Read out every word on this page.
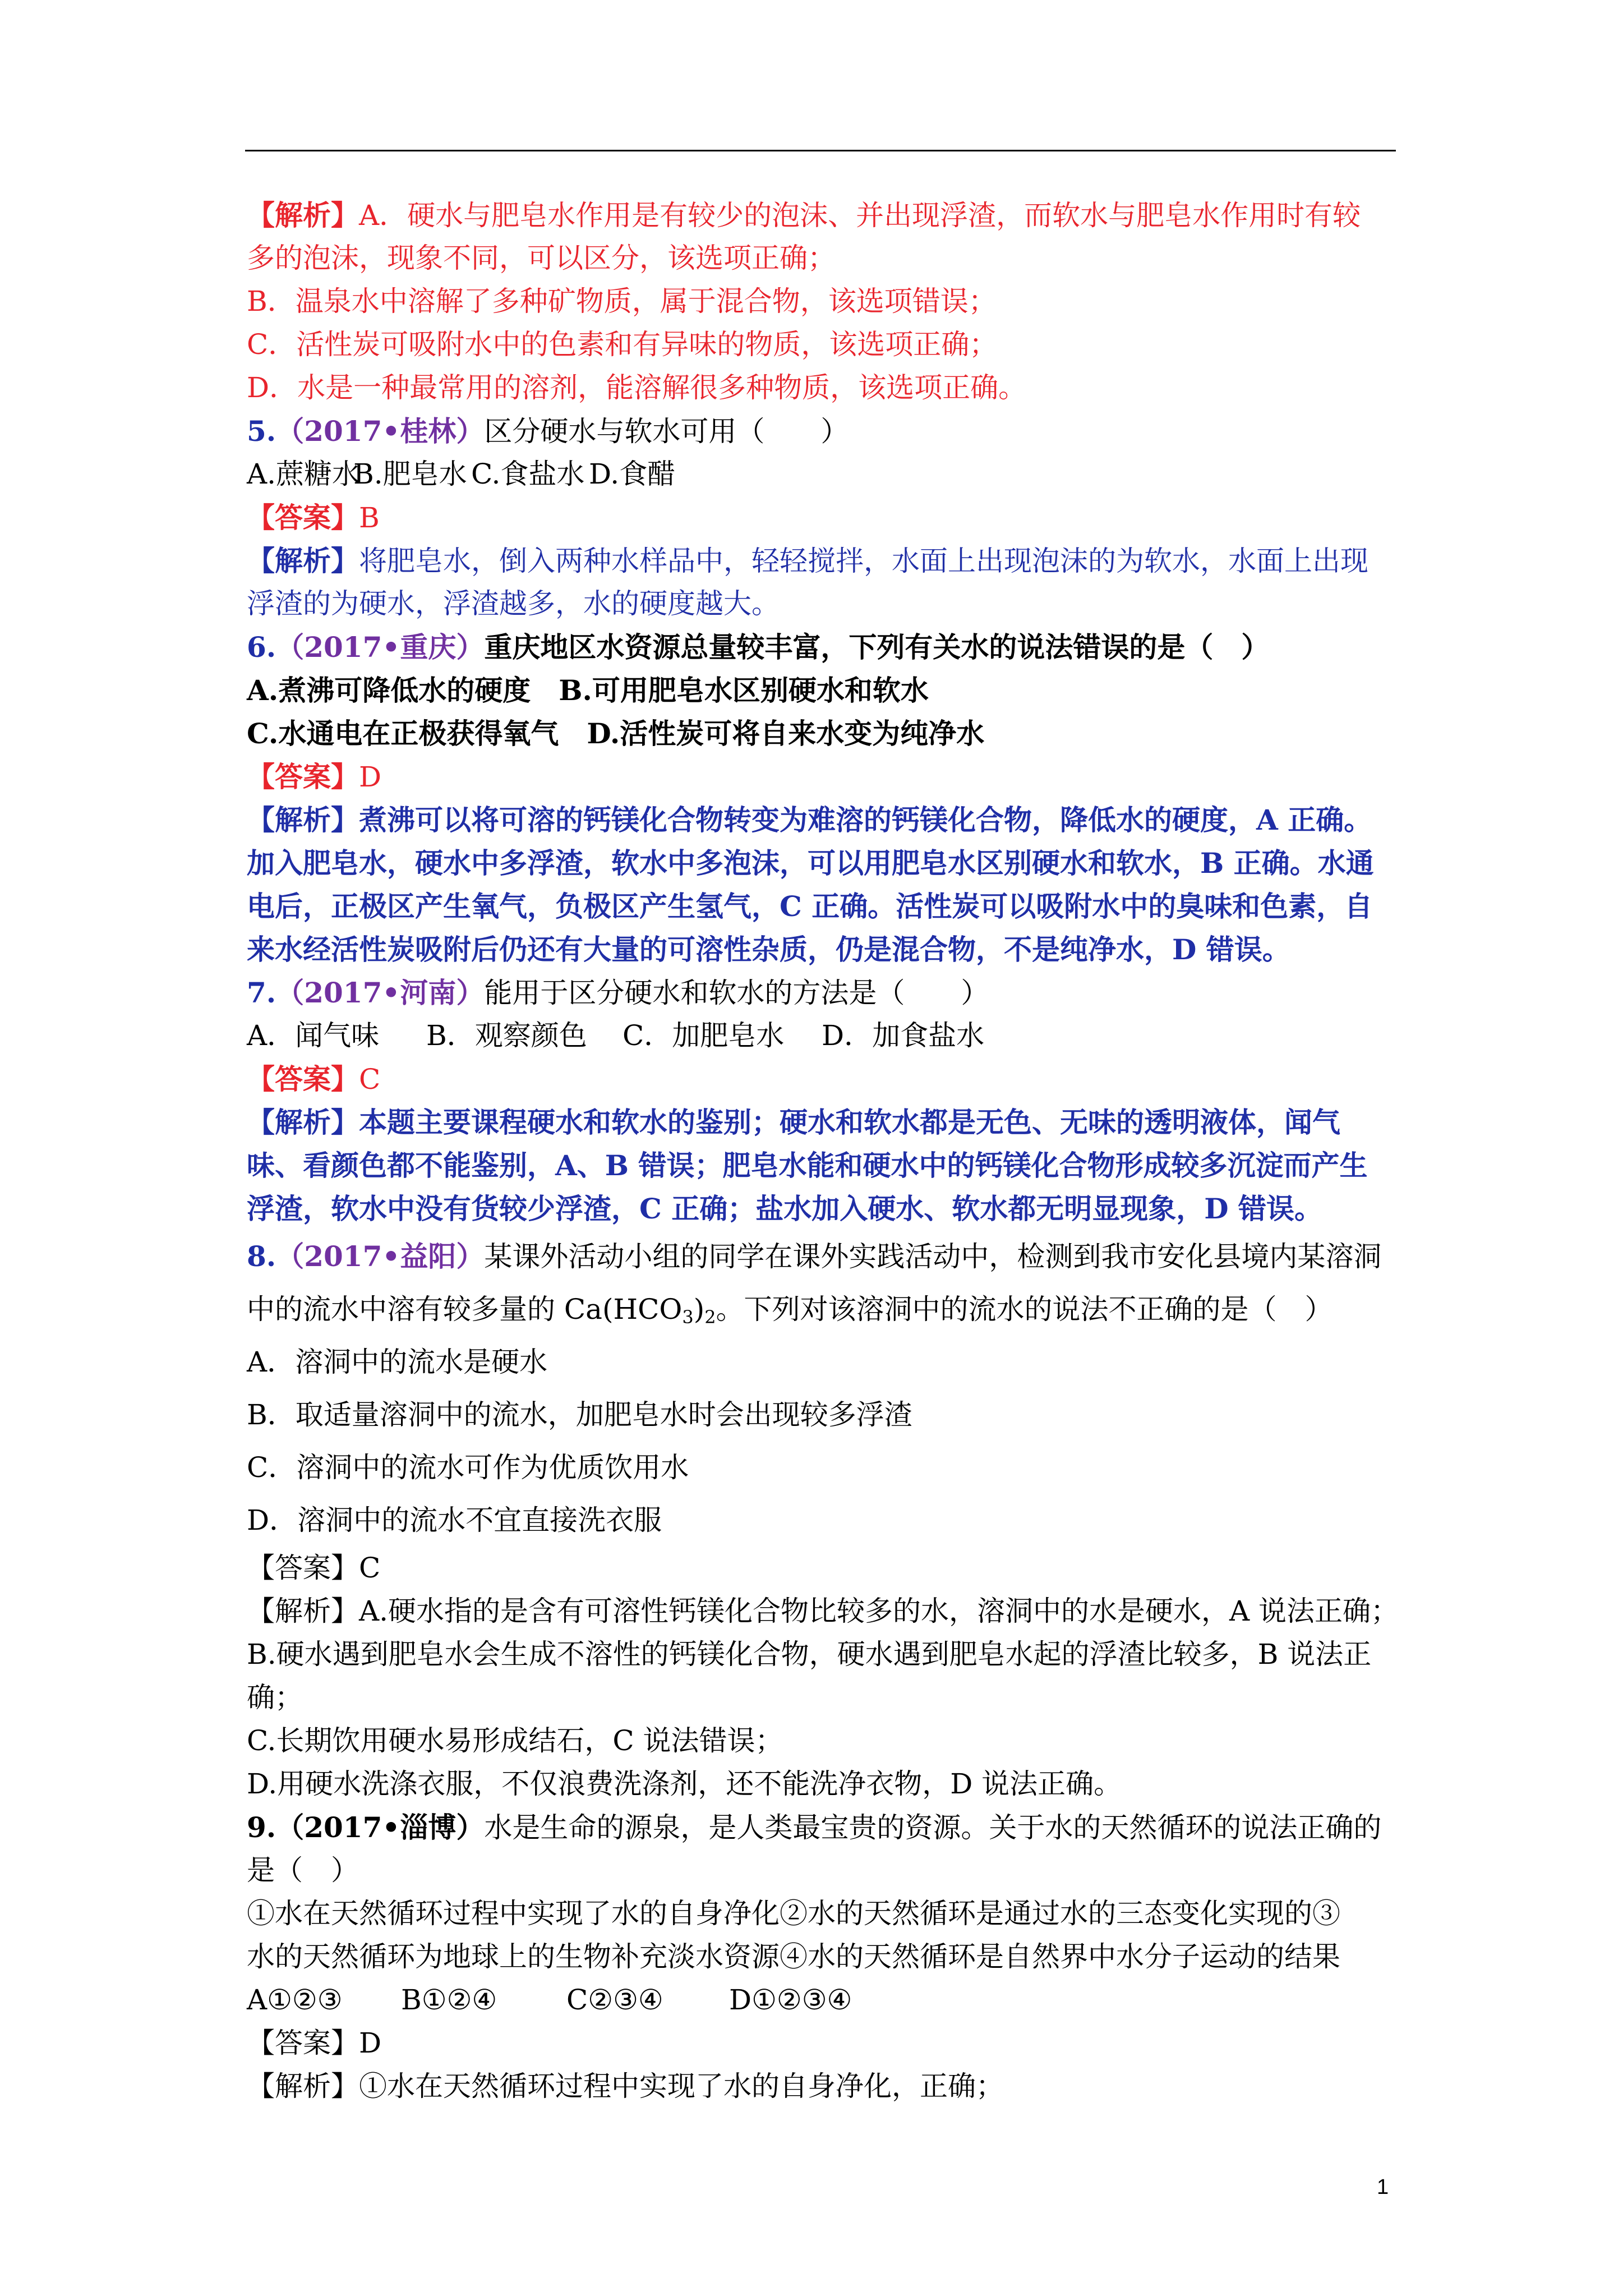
【解析】A．硬水与肥皂水作用是有较少的泡沫、并出现浮渣，而软水与肥皂水作用时有较
多的泡沫，现象不同，可以区分，该选项正确；
B．温泉水中溶解了多种矿物质，属于混合物，该选项错误；
C．活性炭可吸附水中的色素和有异味的物质，该选项正确；
D．水是一种最常用的溶剂，能溶解很多种物质，该选项正确。
5.（2017•桂林）区分硬水与软水可用（　　）
A.蔗糖水B.肥皂水 C.食盐水 D.食醋
【答案】B
【解析】将肥皂水，倒入两种水样品中，轻轻搅拌，水面上出现泡沫的为软水，水面上出现
浮渣的为硬水，浮渣越多，水的硬度越大。
6.（2017•重庆）重庆地区水资源总量较丰富，下列有关水的说法错误的是（　）
A.煮沸可降低水的硬度　B.可用肥皂水区别硬水和软水
C.水通电在正极获得氧气　D.活性炭可将自来水变为纯净水
【答案】D
【解析】煮沸可以将可溶的钙镁化合物转变为难溶的钙镁化合物，降低水的硬度，A 正确。
加入肥皂水，硬水中多浮渣，软水中多泡沫，可以用肥皂水区别硬水和软水，B 正确。水通
电后，正极区产生氧气，负极区产生氢气，C 正确。活性炭可以吸附水中的臭味和色素，自
来水经活性炭吸附后仍还有大量的可溶性杂质，仍是混合物，不是纯净水，D 错误。
7.（2017•河南）能用于区分硬水和软水的方法是（　　）
A．闻气味 B．观察颜色 C．加肥皂水 D．加食盐水
【答案】C
【解析】本题主要课程硬水和软水的鉴别；硬水和软水都是无色、无味的透明液体，闻气
味、看颜色都不能鉴别，A、B 错误；肥皂水能和硬水中的钙镁化合物形成较多沉淀而产生
浮渣，软水中没有货较少浮渣，C 正确；盐水加入硬水、软水都无明显现象，D 错误。
8.（2017•益阳）某课外活动小组的同学在课外实践活动中，检测到我市安化县境内某溶洞
中的流水中溶有较多量的 $Ca(HCO_3)_2$。下列对该溶洞中的流水的说法不正确的是（　）
A．溶洞中的流水是硬水
B．取适量溶洞中的流水，加肥皂水时会出现较多浮渣
C．溶洞中的流水可作为优质饮用水
D．溶洞中的流水不宜直接洗衣服
【答案】C
【解析】A.硬水指的是含有可溶性钙镁化合物比较多的水，溶洞中的水是硬水，A 说法正确；
B.硬水遇到肥皂水会生成不溶性的钙镁化合物，硬水遇到肥皂水起的浮渣比较多，B 说法正
确；
C.长期饮用硬水易形成结石，C 说法错误；
D.用硬水洗涤衣服，不仅浪费洗涤剂，还不能洗净衣物，D 说法正确。
9.（2017•淄博）水是生命的源泉，是人类最宝贵的资源。关于水的天然循环的说法正确的
是（　）
①水在天然循环过程中实现了水的自身净化②水的天然循环是通过水的三态变化实现的③
水的天然循环为地球上的生物补充淡水资源④水的天然循环是自然界中水分子运动的结果
A①②③ B①②④ C②③④ D①②③④
【答案】D
【解析】①水在天然循环过程中实现了水的自身净化，正确；
1
